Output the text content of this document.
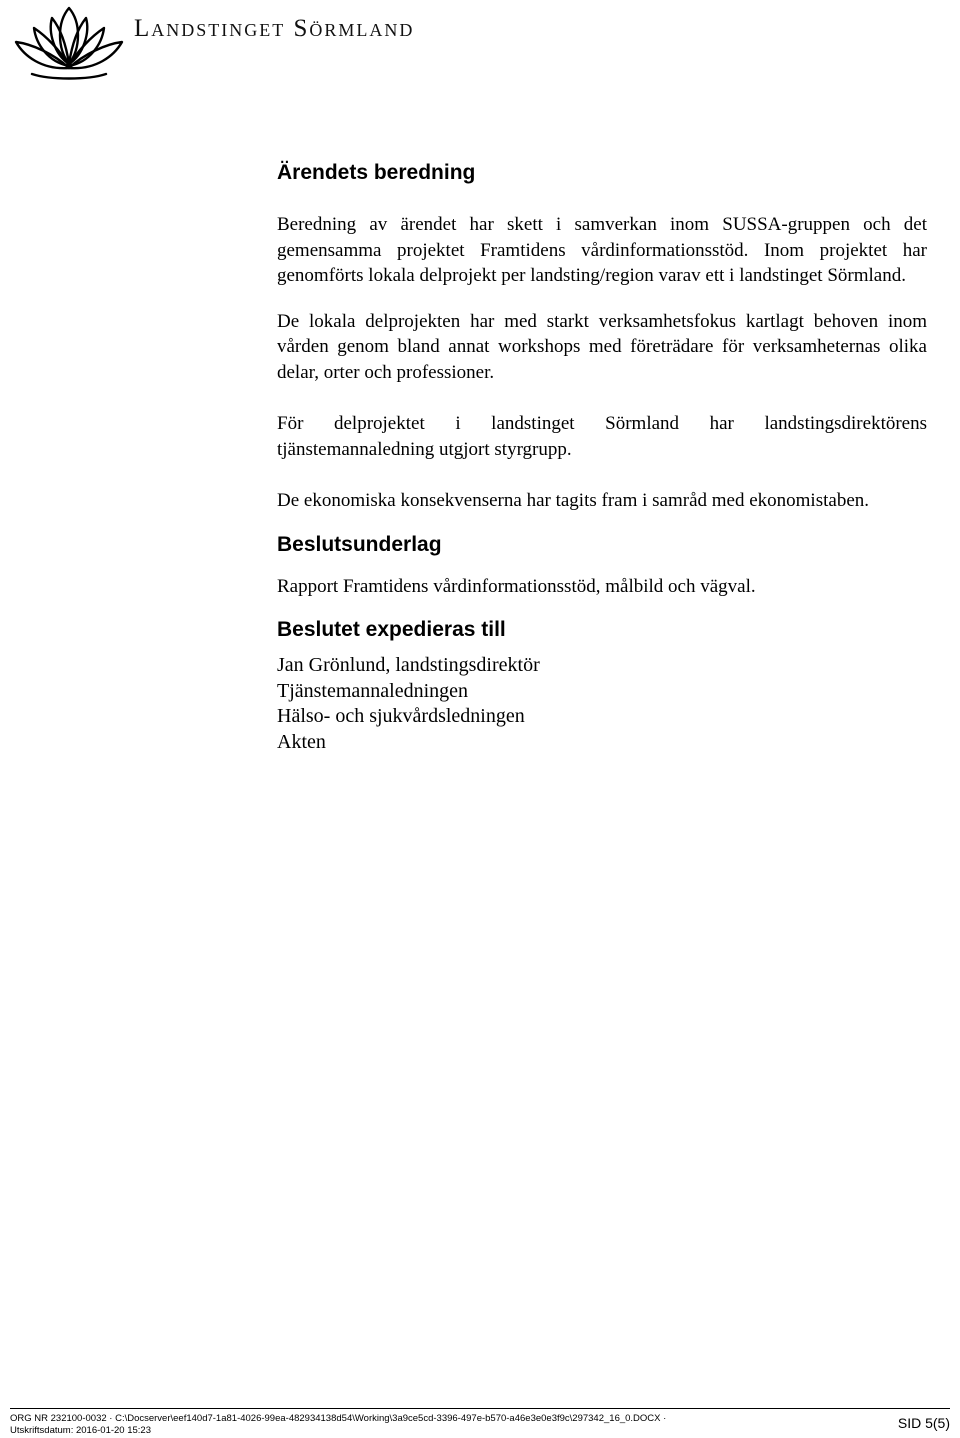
Landstinget Sörmland

Ärendets beredning

Beredning av ärendet har skett i samverkan inom SUSSA-gruppen och det gemensamma projektet Framtidens vårdinformationsstöd. Inom projektet har genomförts lokala delprojekt per landsting/region varav ett i landstinget Sörmland.

De lokala delprojekten har med starkt verksamhetsfokus kartlagt behoven inom vården genom bland annat workshops med företrädare för verksamheternas olika delar, orter och professioner.

För delprojektet i landstinget Sörmland har landstingsdirektörens tjänstemannaledning utgjort styrgrupp.

De ekonomiska konsekvenserna har tagits fram i samråd med ekonomistaben.

Beslutsunderlag

Rapport Framtidens vårdinformationsstöd, målbild och vägval.

Beslutet expedieras till
Jan Grönlund, landstingsdirektör
Tjänstemannaledningen
Hälso- och sjukvårdsledningen
Akten
ORG NR 232100-0032 · C:\Docserver\eef140d7-1a81-4026-99ea-482934138d54\Working\3a9ce5cd-3396-497e-b570-a46e3e0e3f9c\297342_16_0.DOCX ·
Utskriftsdatum: 2016-01-20 15:23	SID 5(5)
